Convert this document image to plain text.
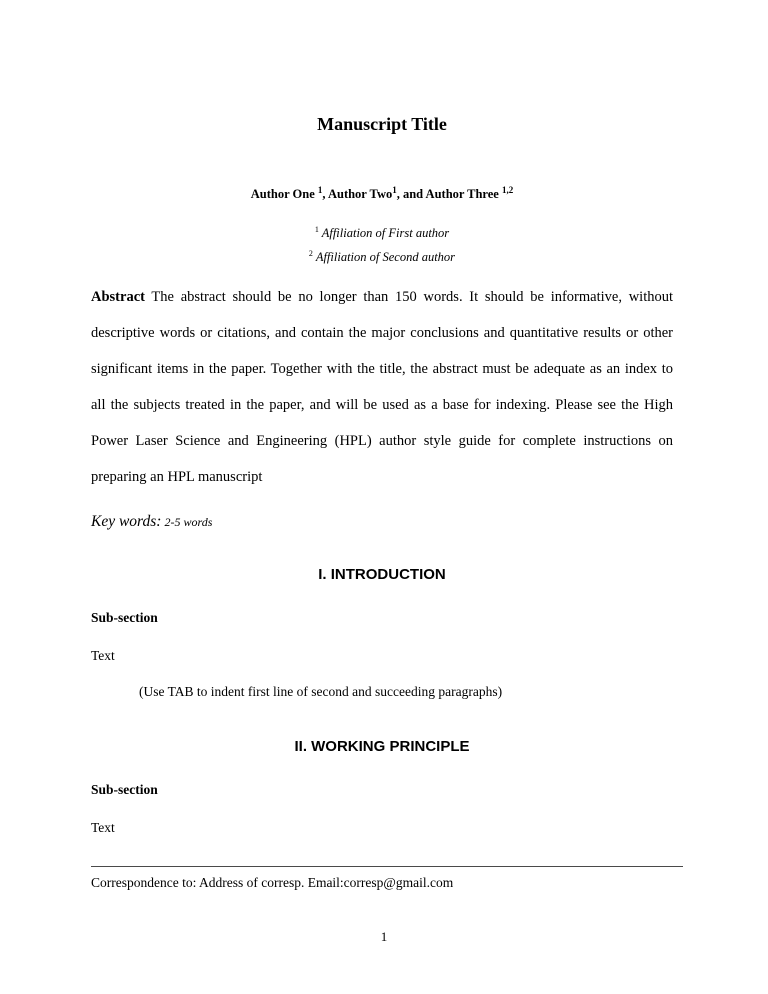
Manuscript Title

Author One $^1$, Author Two$^1$, and Author Three $^{1,2}$

$^1$ Affiliation of First author
$^2$ Affiliation of Second author

Abstract The abstract should be no longer than 150 words. It should be informative, without descriptive words or citations, and contain the major conclusions and quantitative results or other significant items in the paper. Together with the title, the abstract must be adequate as an index to all the subjects treated in the paper, and will be used as a base for indexing. Please see the High Power Laser Science and Engineering (HPL) author style guide for complete instructions on preparing an HPL manuscript

Key words: 2-5 words

I. INTRODUCTION

Sub-section

Text

(Use TAB to indent first line of second and succeeding paragraphs)

II. WORKING PRINCIPLE

Sub-section

Text

Correspondence to: Address of corresp. Email:corresp@gmail.com

1
